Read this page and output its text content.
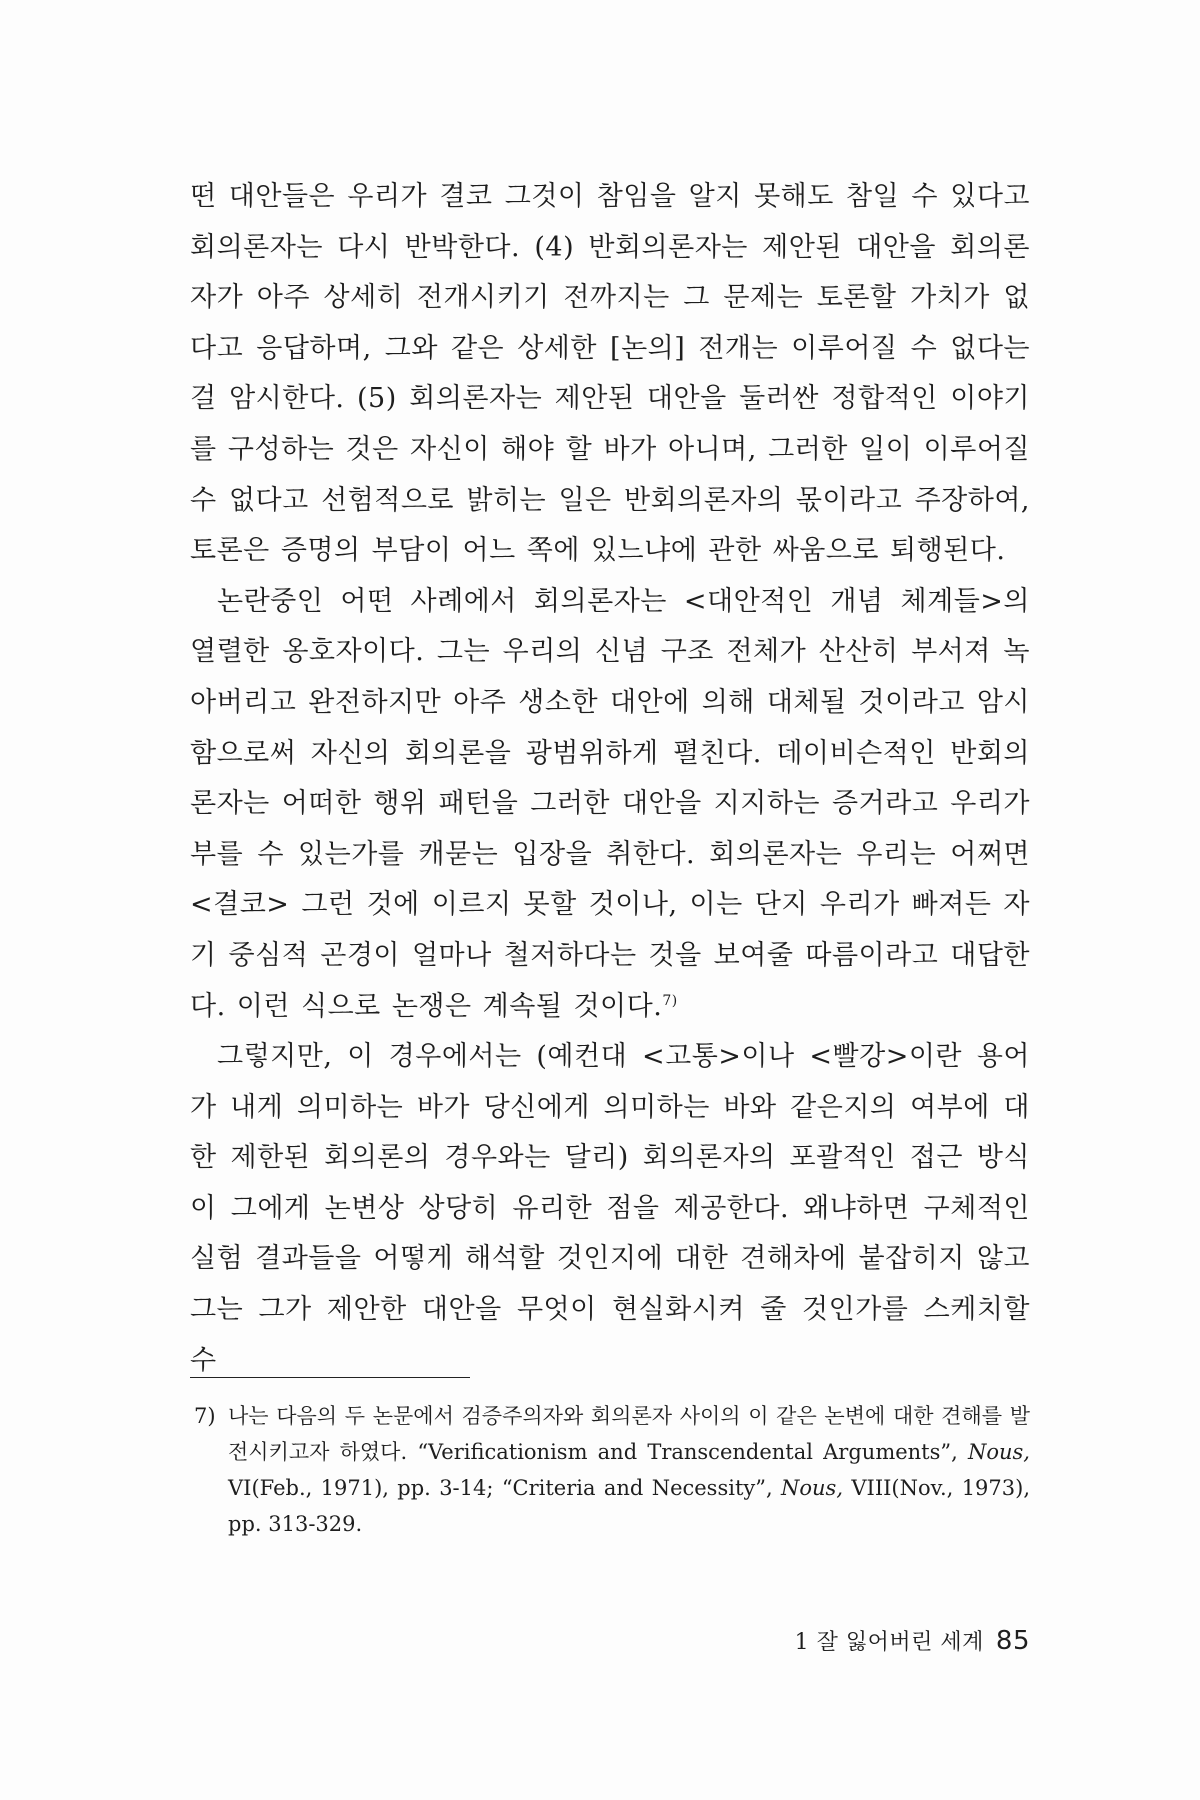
떤 대안들은 우리가 결코 그것이 참임을 알지 못해도 참일 수 있다고 회의론자는 다시 반박한다. (4) 반회의론자는 제안된 대안을 회의론자가 아주 상세히 전개시키기 전까지는 그 문제는 토론할 가치가 없다고 응답하며, 그와 같은 상세한 [논의] 전개는 이루어질 수 없다는 걸 암시한다. (5) 회의론자는 제안된 대안을 둘러싼 정합적인 이야기를 구성하는 것은 자신이 해야 할 바가 아니며, 그러한 일이 이루어질 수 없다고 선험적으로 밝히는 일은 반회의론자의 몫이라고 주장하여, 토론은 증명의 부담이 어느 쪽에 있느냐에 관한 싸움으로 퇴행된다.

논란중인 어떤 사례에서 회의론자는 <대안적인 개념 체계들>의 열렬한 옹호자이다. 그는 우리의 신념 구조 전체가 산산히 부서져 녹아버리고 완전하지만 아주 생소한 대안에 의해 대체될 것이라고 암시함으로써 자신의 회의론을 광범위하게 펼친다. 데이비슨적인 반회의론자는 어떠한 행위 패턴을 그러한 대안을 지지하는 증거라고 우리가 부를 수 있는가를 캐묻는 입장을 취한다. 회의론자는 우리는 어쩌면 <결코> 그런 것에 이르지 못할 것이나, 이는 단지 우리가 빠져든 자기 중심적 곤경이 얼마나 철저하다는 것을 보여줄 따름이라고 대답한다. 이런 식으로 논쟁은 계속될 것이다.$^{7)}$

그렇지만, 이 경우에서는 (예컨대 <고통>이나 <빨강>이란 용어가 내게 의미하는 바가 당신에게 의미하는 바와 같은지의 여부에 대한 제한된 회의론의 경우와는 달리) 회의론자의 포괄적인 접근 방식이 그에게 논변상 상당히 유리한 점을 제공한다. 왜냐하면 구체적인 실험 결과들을 어떻게 해석할 것인지에 대한 견해차에 붙잡히지 않고 그는 그가 제안한 대안을 무엇이 현실화시켜 줄 것인가를 스케치할 수

7) 나는 다음의 두 논문에서 검증주의자와 회의론자 사이의 이 같은 논변에 대한 견해를 발전시키고자 하였다. “Verificationism and Transcendental Arguments”, Nous, VI(Feb., 1971), pp. 3-14; “Criteria and Necessity”, Nous, VIII(Nov., 1973), pp. 313-329.
1 잘 잃어버린 세계 85
